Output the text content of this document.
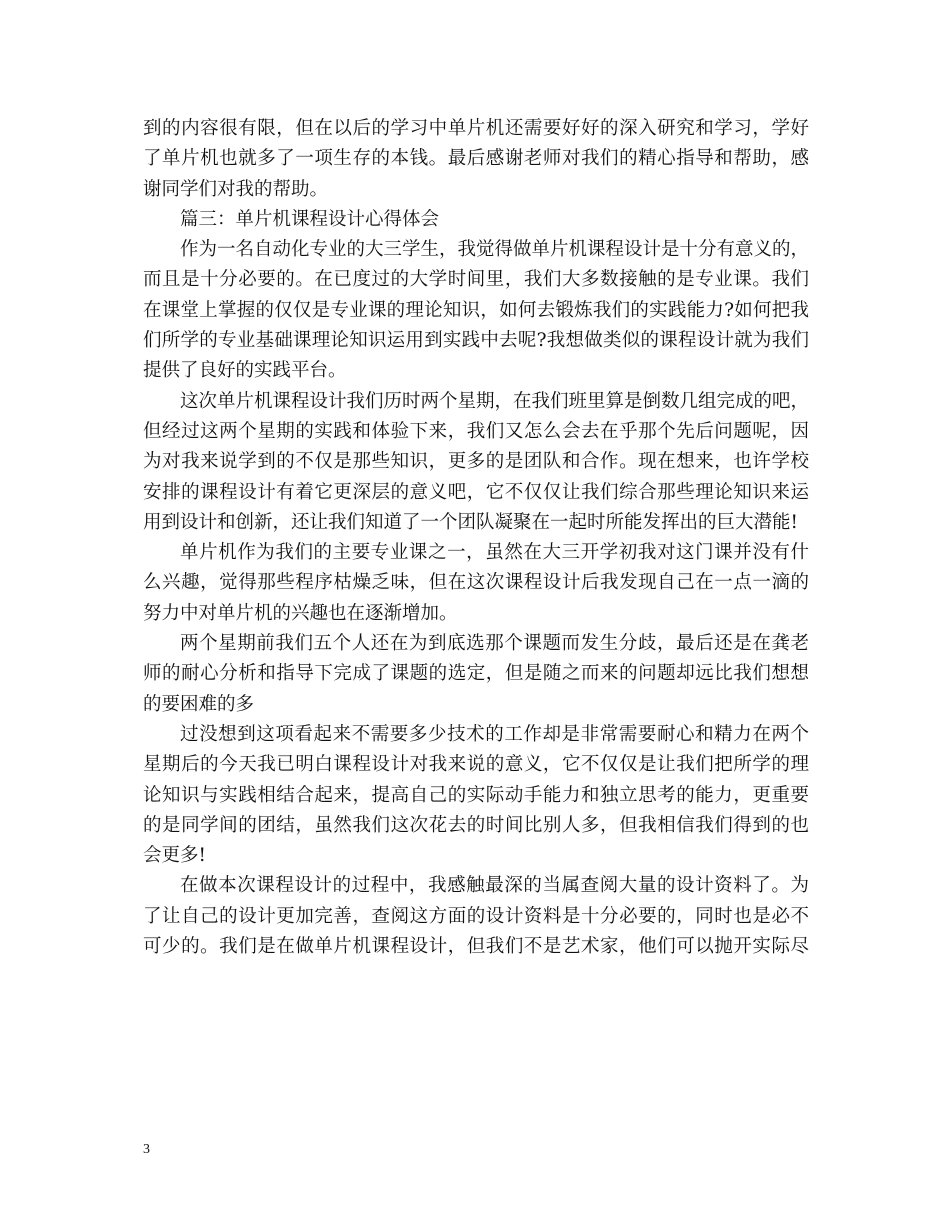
到的内容很有限，但在以后的学习中单片机还需要好好的深入研究和学习，学好
了单片机也就多了一项生存的本钱。最后感谢老师对我们的精心指导和帮助，感
谢同学们对我的帮助。
篇三：单片机课程设计心得体会
作为一名自动化专业的大三学生，我觉得做单片机课程设计是十分有意义的，
而且是十分必要的。在已度过的大学时间里，我们大多数接触的是专业课。我们
在课堂上掌握的仅仅是专业课的理论知识，如何去锻炼我们的实践能力?如何把我
们所学的专业基础课理论知识运用到实践中去呢?我想做类似的课程设计就为我们
提供了良好的实践平台。
这次单片机课程设计我们历时两个星期，在我们班里算是倒数几组完成的吧，
但经过这两个星期的实践和体验下来，我们又怎么会去在乎那个先后问题呢，因
为对我来说学到的不仅是那些知识，更多的是团队和合作。现在想来，也许学校
安排的课程设计有着它更深层的意义吧，它不仅仅让我们综合那些理论知识来运
用到设计和创新，还让我们知道了一个团队凝聚在一起时所能发挥出的巨大潜能!
单片机作为我们的主要专业课之一，虽然在大三开学初我对这门课并没有什
么兴趣，觉得那些程序枯燥乏味，但在这次课程设计后我发现自己在一点一滴的
努力中对单片机的兴趣也在逐渐增加。
两个星期前我们五个人还在为到底选那个课题而发生分歧，最后还是在龚老
师的耐心分析和指导下完成了课题的选定，但是随之而来的问题却远比我们想想
的要困难的多
过没想到这项看起来不需要多少技术的工作却是非常需要耐心和精力在两个
星期后的今天我已明白课程设计对我来说的意义，它不仅仅是让我们把所学的理
论知识与实践相结合起来，提高自己的实际动手能力和独立思考的能力，更重要
的是同学间的团结，虽然我们这次花去的时间比别人多，但我相信我们得到的也
会更多!
在做本次课程设计的过程中，我感触最深的当属查阅大量的设计资料了。为
了让自己的设计更加完善，查阅这方面的设计资料是十分必要的，同时也是必不
可少的。我们是在做单片机课程设计，但我们不是艺术家，他们可以抛开实际尽
3
